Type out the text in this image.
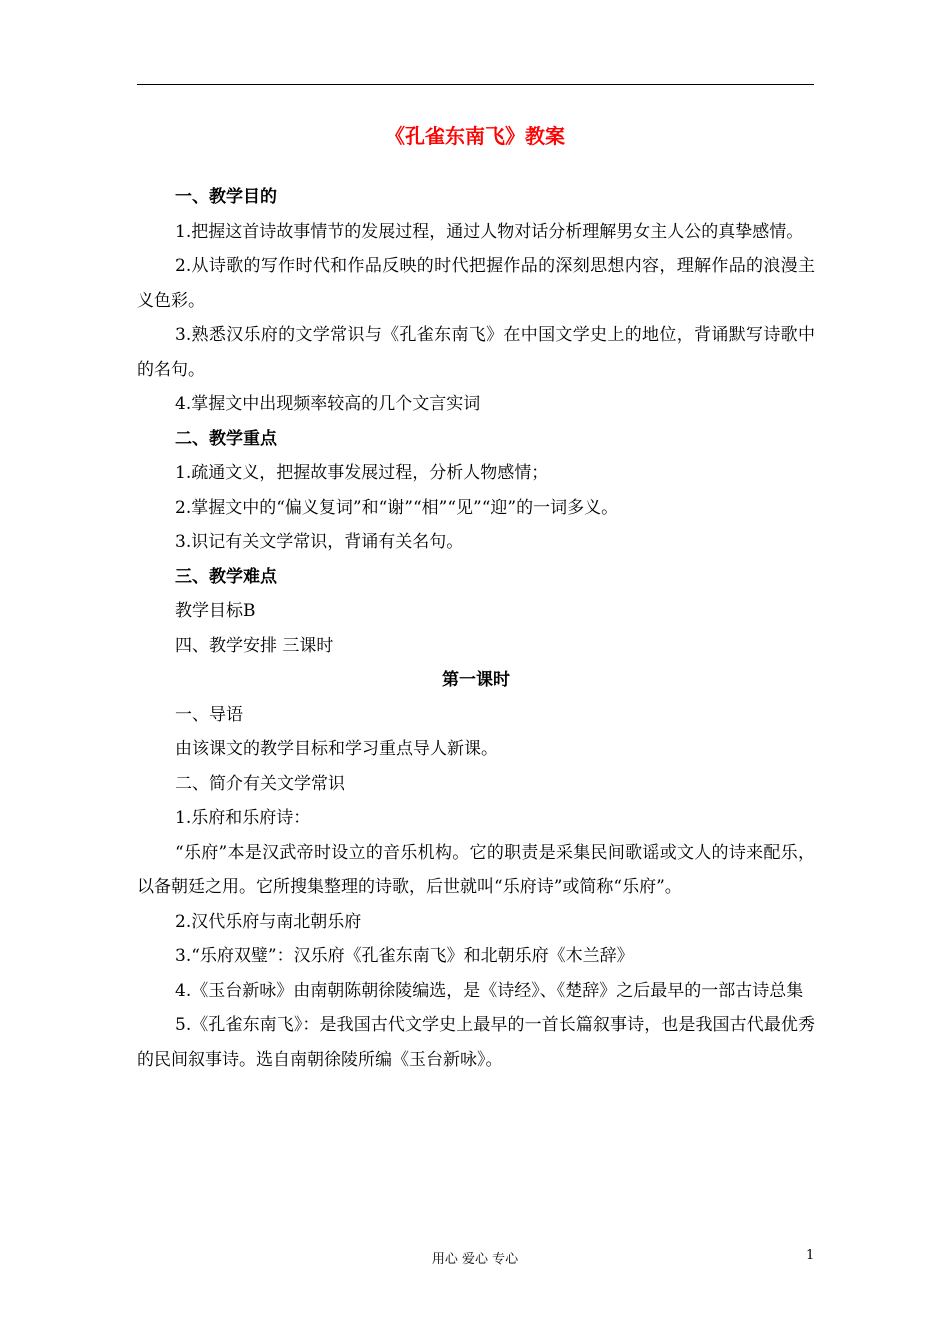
《孔雀东南飞》教案

一、教学目的

1.把握这首诗故事情节的发展过程，通过人物对话分析理解男女主人公的真挚感情。

2.从诗歌的写作时代和作品反映的时代把握作品的深刻思想内容，理解作品的浪漫主义色彩。

3.熟悉汉乐府的文学常识与《孔雀东南飞》在中国文学史上的地位，背诵默写诗歌中的名句。

4.掌握文中出现频率较高的几个文言实词

二、教学重点

1.疏通文义，把握故事发展过程，分析人物感情；

2.掌握文中的“偏义复词”和“谢”“相”“见”“迎”的一词多义。

3.识记有关文学常识，背诵有关名句。

三、教学难点

教学目标B

四、教学安排 三课时

第一课时

一、导语

由该课文的教学目标和学习重点导人新课。

二、简介有关文学常识

1.乐府和乐府诗：

“乐府”本是汉武帝时设立的音乐机构。它的职责是采集民间歌谣或文人的诗来配乐，以备朝廷之用。它所搜集整理的诗歌，后世就叫“乐府诗”或简称“乐府”。

2.汉代乐府与南北朝乐府

3.“乐府双璧”：汉乐府《孔雀东南飞》和北朝乐府《木兰辞》

4.《玉台新咏》由南朝陈朝徐陵编选，是《诗经》、《楚辞》之后最早的一部古诗总集

5.《孔雀东南飞》：是我国古代文学史上最早的一首长篇叙事诗，也是我国古代最优秀的民间叙事诗。选自南朝徐陵所编《玉台新咏》。

用心 爱心 专心	1
